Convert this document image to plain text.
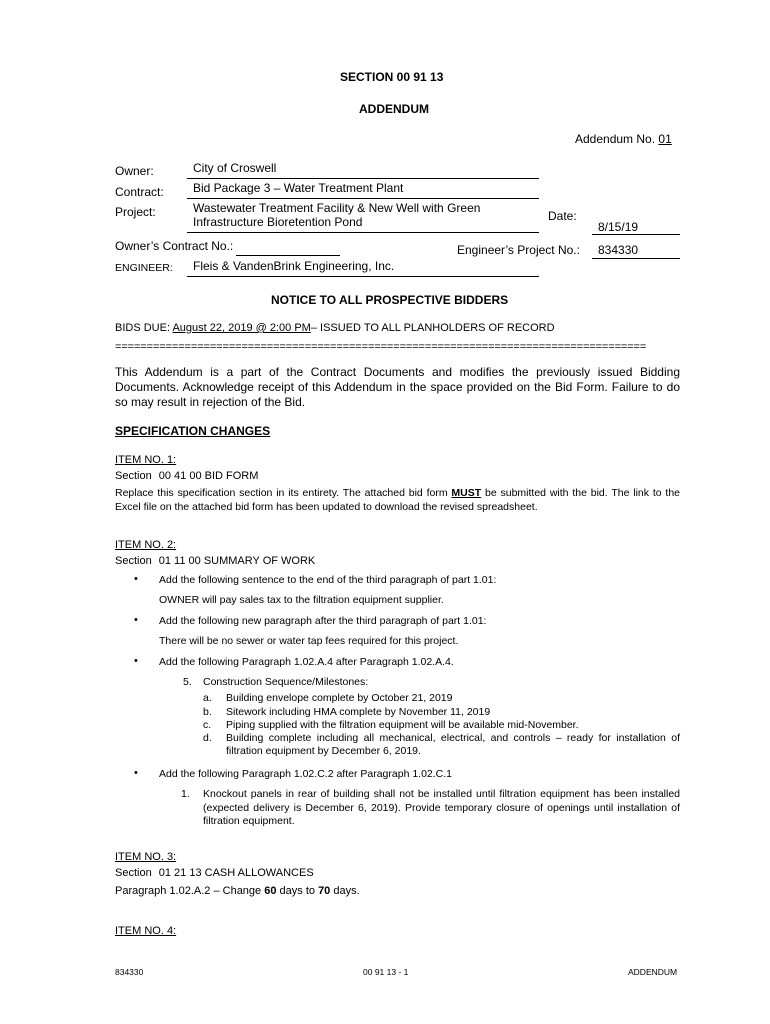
SECTION 00 91 13
ADDENDUM
Addendum No. 01
Owner:	City of Croswell
Contract: Bid Package 3 – Water Treatment Plant
Project:	Wastewater Treatment Facility & New Well with Green
Infrastructure Bioretention Pond	Date:
8/15/19
Owner’s Contract No.:	Engineer’s Project No.: 834330
ENGINEER: Fleis & VandenBrink Engineering, Inc.
NOTICE TO ALL PROSPECTIVE BIDDERS
BIDS DUE: August 22, 2019 @ 2:00 PM– ISSUED TO ALL PLANHOLDERS OF RECORD
====================================================================================
This Addendum is a part of the Contract Documents and modifies the previously issued Bidding Documents. Acknowledge receipt of this Addendum in the space provided on the Bid Form. Failure to do so may result in rejection of the Bid.
SPECIFICATION CHANGES
ITEM NO. 1:
Section 00 41 00 BID FORM
Replace this specification section in its entirety. The attached bid form MUST be submitted with the bid. The link to the Excel file on the attached bid form has been updated to download the revised spreadsheet.
ITEM NO. 2:
Section 01 11 00 SUMMARY OF WORK
• Add the following sentence to the end of the third paragraph of part 1.01:
OWNER will pay sales tax to the filtration equipment supplier.
• Add the following new paragraph after the third paragraph of part 1.01:
There will be no sewer or water tap fees required for this project.
• Add the following Paragraph 1.02.A.4 after Paragraph 1.02.A.4.
5. Construction Sequence/Milestones:
a. Building envelope complete by October 21, 2019
b. Sitework including HMA complete by November 11, 2019
c. Piping supplied with the filtration equipment will be available mid-November.
d. Building complete including all mechanical, electrical, and controls – ready for installation of filtration equipment by December 6, 2019.
• Add the following Paragraph 1.02.C.2 after Paragraph 1.02.C.1
1. Knockout panels in rear of building shall not be installed until filtration equipment has been installed (expected delivery is December 6, 2019). Provide temporary closure of openings until installation of filtration equipment.
ITEM NO. 3:
Section 01 21 13 CASH ALLOWANCES
Paragraph 1.02.A.2 – Change 60 days to 70 days.
ITEM NO. 4:
834330	00 91 13 - 1	ADDENDUM
